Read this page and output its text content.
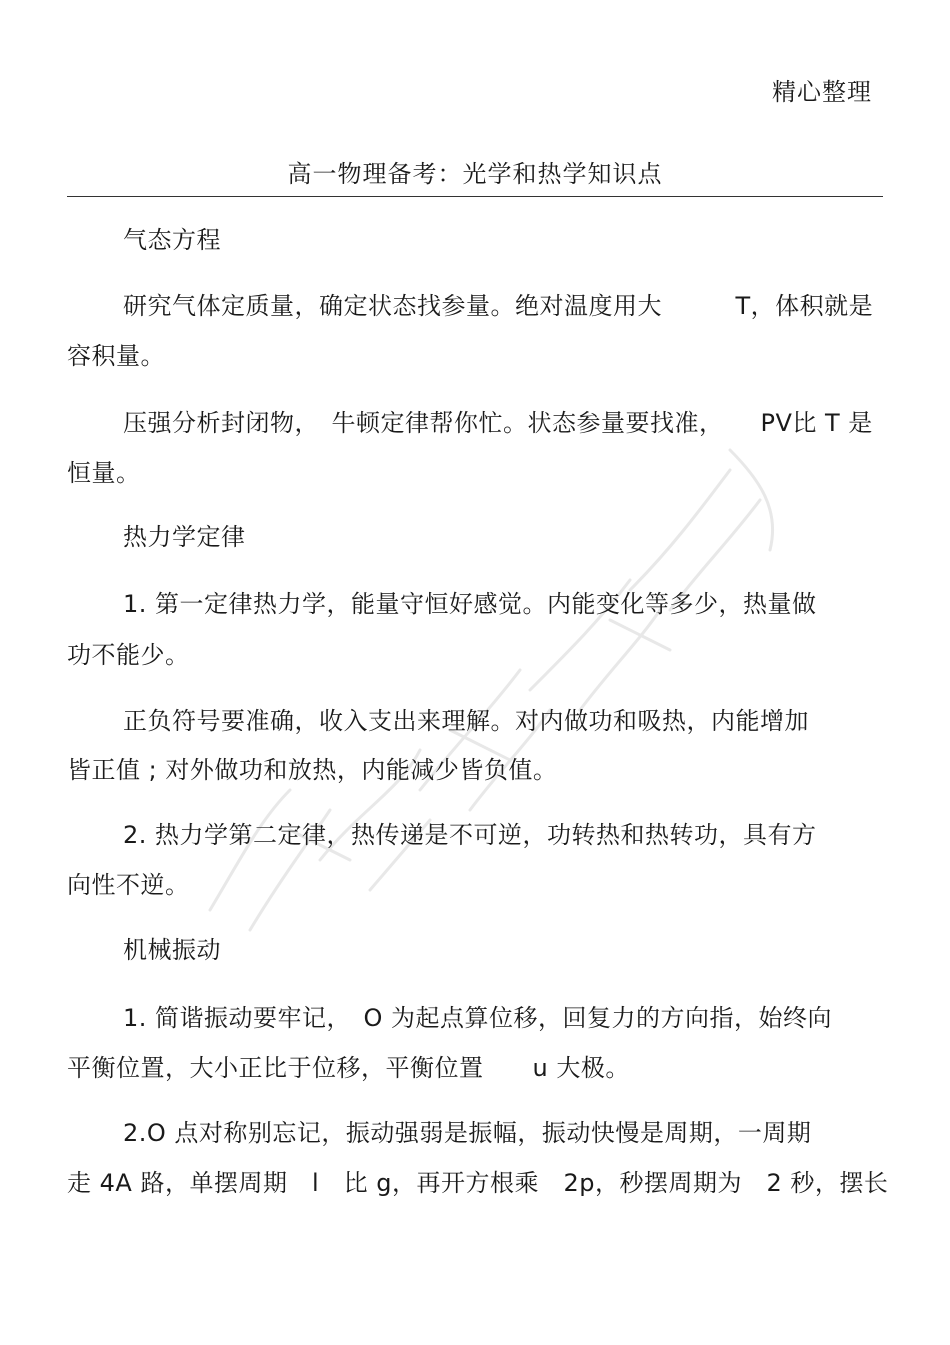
精心整理
高一物理备考：光学和热学知识点
气态方程
研究气体定质量，确定状态找参量。绝对温度用大　　　T，体积就是
容积量。
压强分析封闭物，　牛顿定律帮你忙。状态参量要找准，　　PV比 T 是
恒量。
热力学定律
1. 第一定律热力学，能量守恒好感觉。内能变化等多少，热量做
功不能少。
正负符号要准确，收入支出来理解。对内做功和吸热，内能增加
皆正值 ; 对外做功和放热，内能减少皆负值。
2. 热力学第二定律，热传递是不可逆，功转热和热转功，具有方
向性不逆。
机械振动
1. 简谐振动要牢记，　O 为起点算位移，回复力的方向指，始终向
平衡位置，大小正比于位移，平衡位置　　u 大极。
2.O 点对称别忘记，振动强弱是振幅，振动快慢是周期，一周期
走 4A 路，单摆周期　l　比 g，再开方根乘　2p，秒摆周期为　2 秒，摆长
